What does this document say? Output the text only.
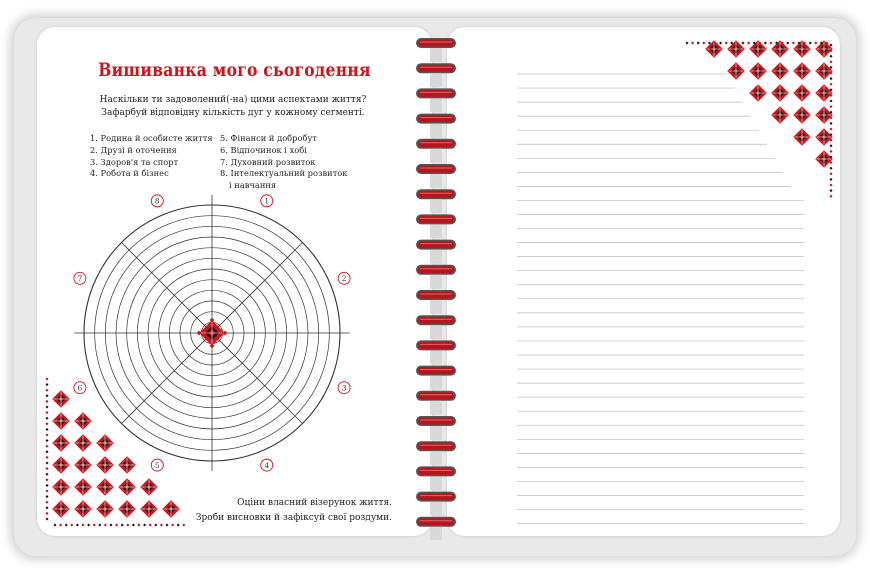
Вишиванка мого сьогодення
Наскільки ти задоволений(-на) цими аспектами життя?
Зафарбуй відповідну кількість дуг у кожному сегменті.
1. Родина й особисте життя
2. Друзі й оточення
3. Здоров'я та спорт
4. Робота й бізнес
5. Фінанси й добробут
6. Відпочинок і хобі
7. Духовний розвиток
8. Інтелектуальний розвиток
і навчання
Оціни власний візерунок життя.
Зроби висновки й зафіксуй свої роздуми.
1
2
3
4
5
6
7
8
